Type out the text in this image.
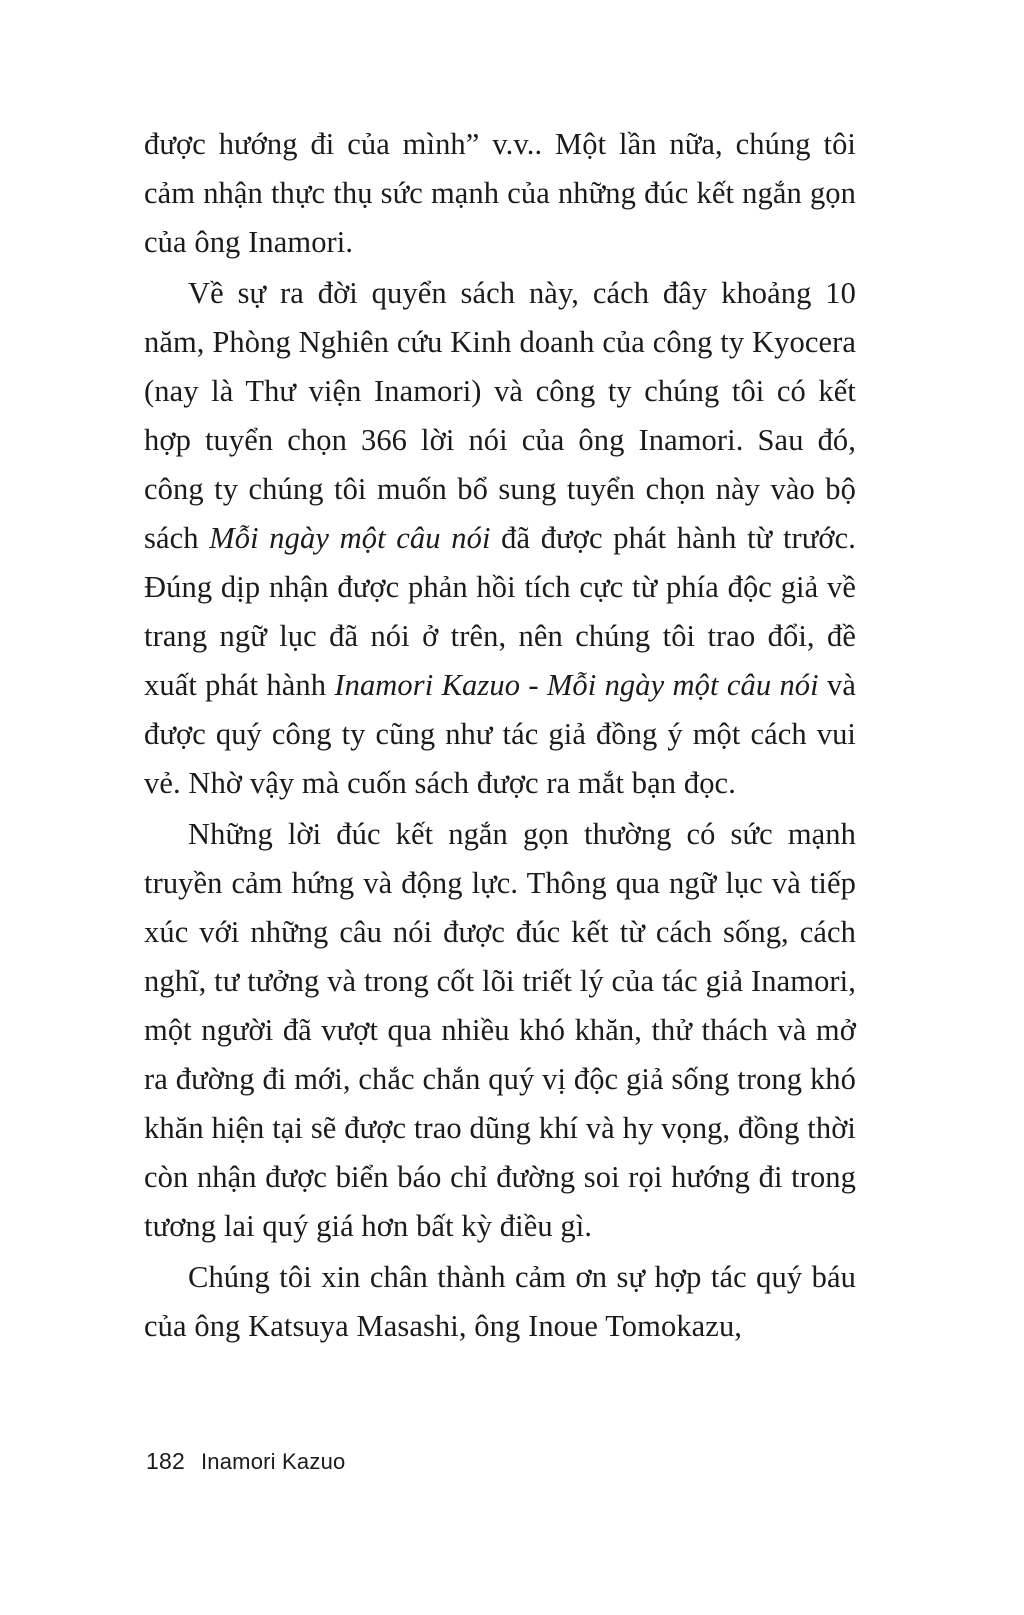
được hướng đi của mình” v.v.. Một lần nữa, chúng tôi cảm nhận thực thụ sức mạnh của những đúc kết ngắn gọn của ông Inamori.

Về sự ra đời quyển sách này, cách đây khoảng 10 năm, Phòng Nghiên cứu Kinh doanh của công ty Kyocera (nay là Thư viện Inamori) và công ty chúng tôi có kết hợp tuyển chọn 366 lời nói của ông Inamori. Sau đó, công ty chúng tôi muốn bổ sung tuyển chọn này vào bộ sách Mỗi ngày một câu nói đã được phát hành từ trước. Đúng dịp nhận được phản hồi tích cực từ phía độc giả về trang ngữ lục đã nói ở trên, nên chúng tôi trao đổi, đề xuất phát hành Inamori Kazuo - Mỗi ngày một câu nói và được quý công ty cũng như tác giả đồng ý một cách vui vẻ. Nhờ vậy mà cuốn sách được ra mắt bạn đọc.

Những lời đúc kết ngắn gọn thường có sức mạnh truyền cảm hứng và động lực. Thông qua ngữ lục và tiếp xúc với những câu nói được đúc kết từ cách sống, cách nghĩ, tư tưởng và trong cốt lõi triết lý của tác giả Inamori, một người đã vượt qua nhiều khó khăn, thử thách và mở ra đường đi mới, chắc chắn quý vị độc giả sống trong khó khăn hiện tại sẽ được trao dũng khí và hy vọng, đồng thời còn nhận được biển báo chỉ đường soi rọi hướng đi trong tương lai quý giá hơn bất kỳ điều gì.

Chúng tôi xin chân thành cảm ơn sự hợp tác quý báu của ông Katsuya Masashi, ông Inoue Tomokazu,

182 Inamori Kazuo
